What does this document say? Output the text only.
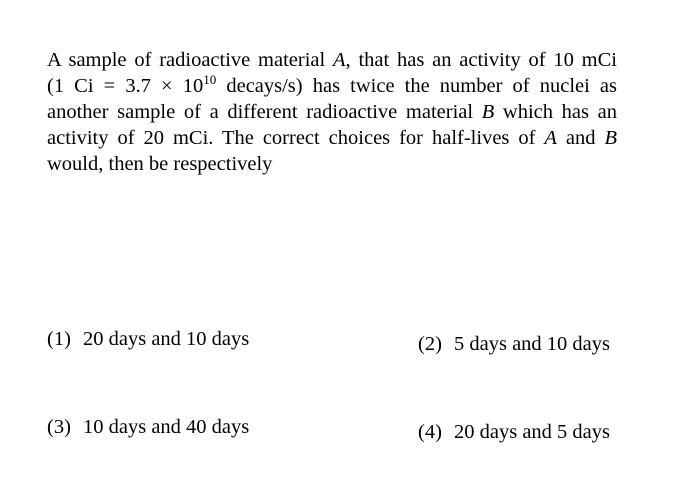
A sample of radioactive material A, that has an activity of 10 mCi
(1 $Ci = 3.7 \times 10^{10}$ decays/s) has twice the number of nuclei as
another sample of a different radioactive material B which has an
activity of 20 mCi. The correct choices for half-lives of A and B
would, then be respectively
(1) 20 days and 10 days	(2) 5 days and 10 days
(3) 10 days and 40 days	(4) 20 days and 5 days
